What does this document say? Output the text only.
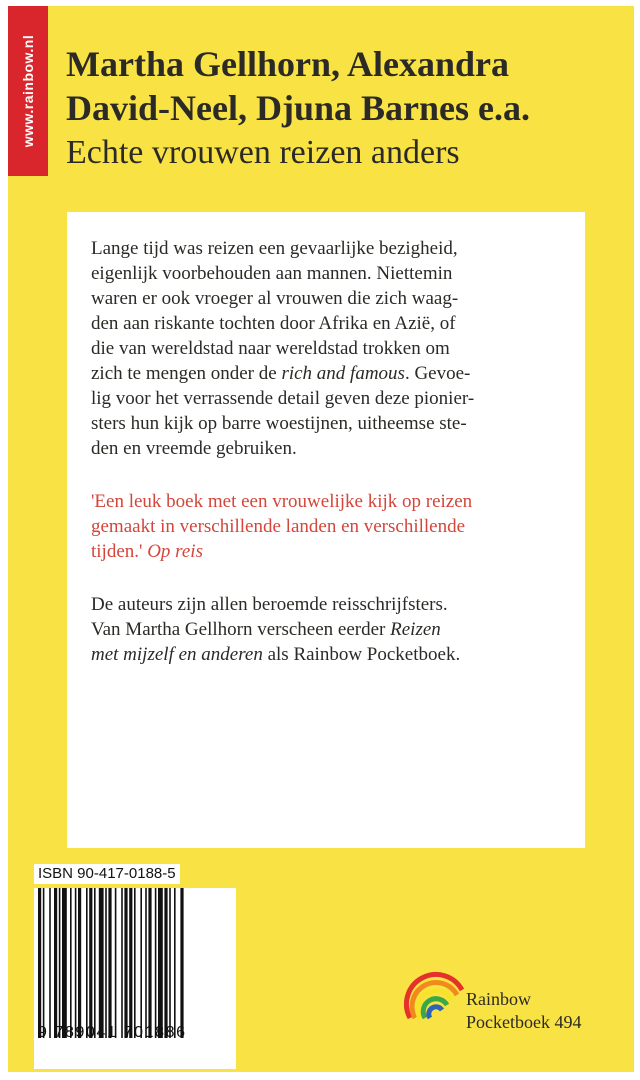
www.rainbow.nl Martha Gellhorn, Alexandra
David-Neel, Djuna Barnes e.a.
Echte vrouwen reizen anders

Lange tijd was reizen een gevaarlijke bezigheid,
eigenlijk voorbehouden aan mannen. Niettemin
waren er ook vroeger al vrouwen die zich waag-
den aan riskante tochten door Afrika en Azië, of
die van wereldstad naar wereldstad trokken om
zich te mengen onder de rich and famous. Gevoe-
lig voor het verrassende detail geven deze pionier-
sters hun kijk op barre woestijnen, uitheemse ste-
den en vreemde gebruiken.

'Een leuk boek met een vrouwelijke kijk op reizen
gemaakt in verschillende landen en verschillende
tijden.' Op reis

De auteurs zijn allen beroemde reisschrijfsters.
Van Martha Gellhorn verscheen eerder Reizen
met mijzelf en anderen als Rainbow Pocketboek.

ISBN 90-417-0188-5
9 789041 701886
Rainbow
Pocketboek 494
